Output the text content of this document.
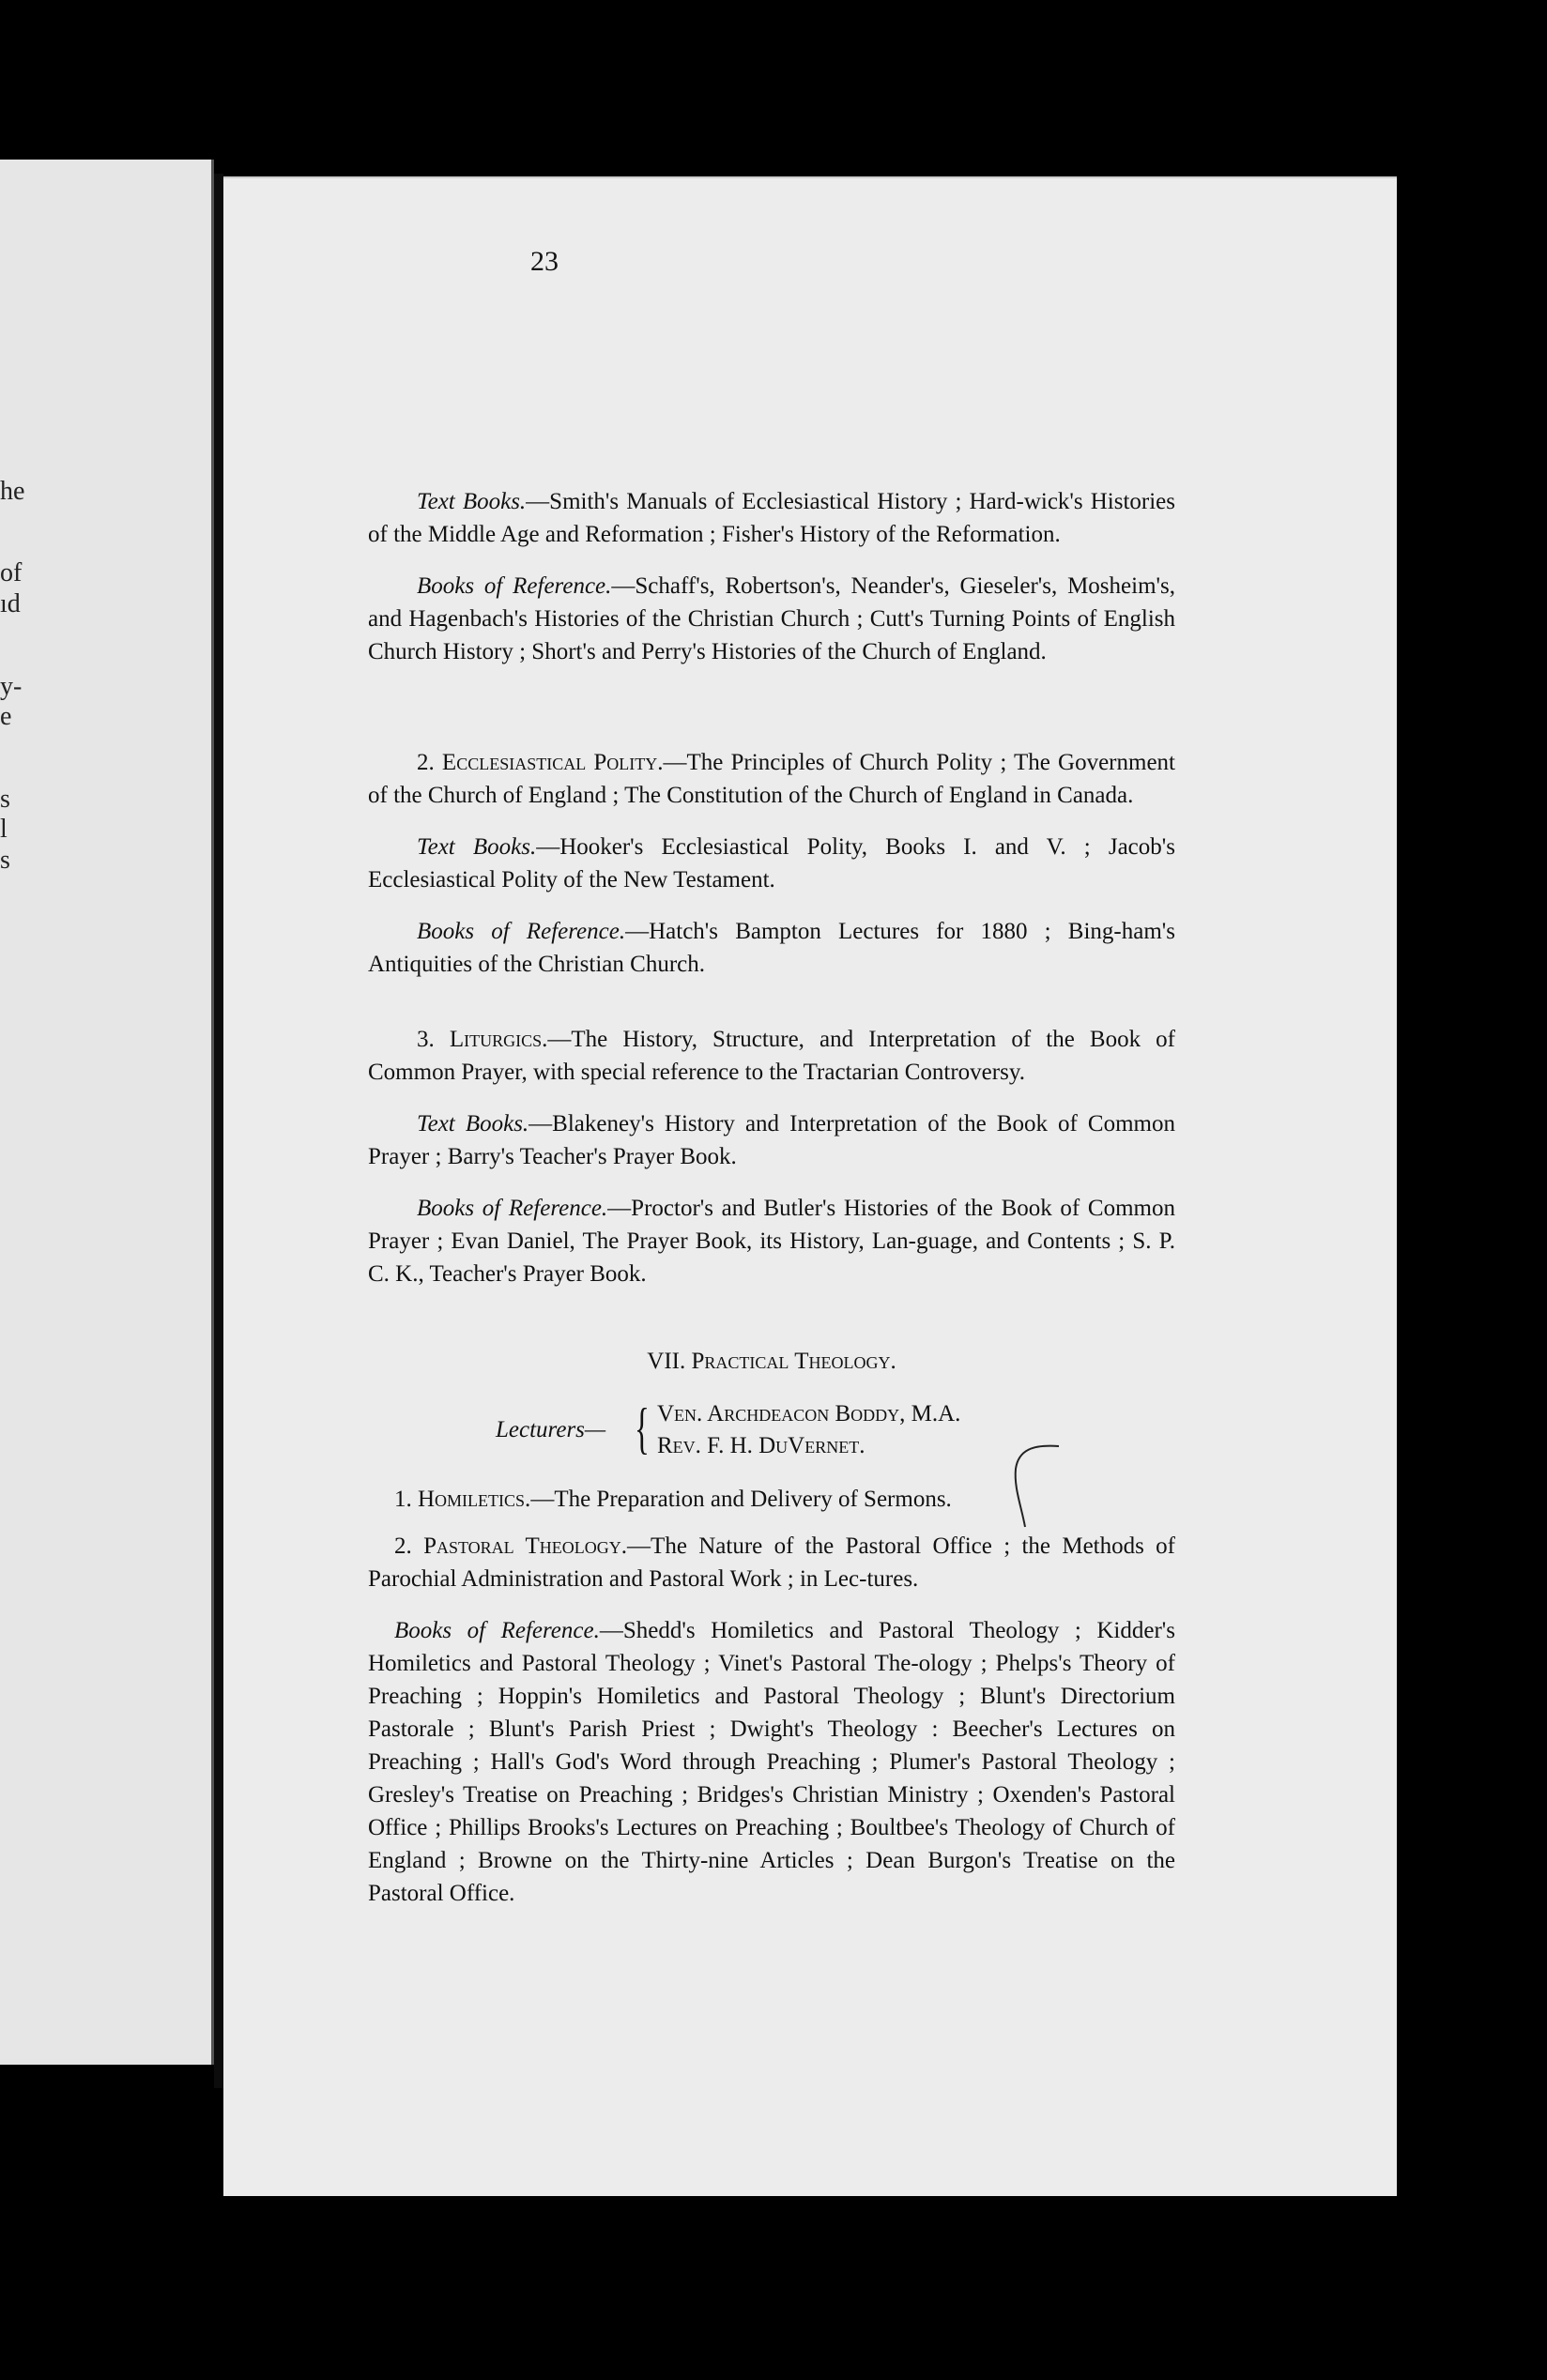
he
of
ıd
y-
e
s
l
s
23

Text Books.—Smith's Manuals of Ecclesiastical History ; Hard-wick's Histories of the Middle Age and Reformation ; Fisher's History of the Reformation.

Books of Reference.—Schaff's, Robertson's, Neander's, Gieseler's, Mosheim's, and Hagenbach's Histories of the Christian Church ; Cutt's Turning Points of English Church History ; Short's and Perry's Histories of the Church of England.

2. Ecclesiastical Polity.—The Principles of Church Polity ; The Government of the Church of England ; The Constitution of the Church of England in Canada.

Text Books.—Hooker's Ecclesiastical Polity, Books I. and V. ; Jacob's Ecclesiastical Polity of the New Testament.

Books of Reference.—Hatch's Bampton Lectures for 1880 ; Bing-ham's Antiquities of the Christian Church.

3. Liturgics.—The History, Structure, and Interpretation of the Book of Common Prayer, with special reference to the Tractarian Controversy.

Text Books.—Blakeney's History and Interpretation of the Book of Common Prayer ; Barry's Teacher's Prayer Book.

Books of Reference.—Proctor's and Butler's Histories of the Book of Common Prayer ; Evan Daniel, The Prayer Book, its History, Lan-guage, and Contents ; S. P. C. K., Teacher's Prayer Book.

VII. Practical Theology.
Lecturers— { Ven. Archdeacon Boddy, M.A.
Rev. F. H. DuVernet.

1. Homiletics.—The Preparation and Delivery of Sermons.

2. Pastoral Theology.—The Nature of the Pastoral Office ; the Methods of Parochial Administration and Pastoral Work ; in Lec-tures.

Books of Reference.—Shedd's Homiletics and Pastoral Theology ; Kidder's Homiletics and Pastoral Theology ; Vinet's Pastoral The-ology ; Phelps's Theory of Preaching ; Hoppin's Homiletics and Pastoral Theology ; Blunt's Directorium Pastorale ; Blunt's Parish Priest ; Dwight's Theology : Beecher's Lectures on Preaching ; Hall's God's Word through Preaching ; Plumer's Pastoral Theology ; Gresley's Treatise on Preaching ; Bridges's Christian Ministry ; Oxenden's Pastoral Office ; Phillips Brooks's Lectures on Preaching ; Boultbee's Theology of Church of England ; Browne on the Thirty-nine Articles ; Dean Burgon's Treatise on the Pastoral Office.
